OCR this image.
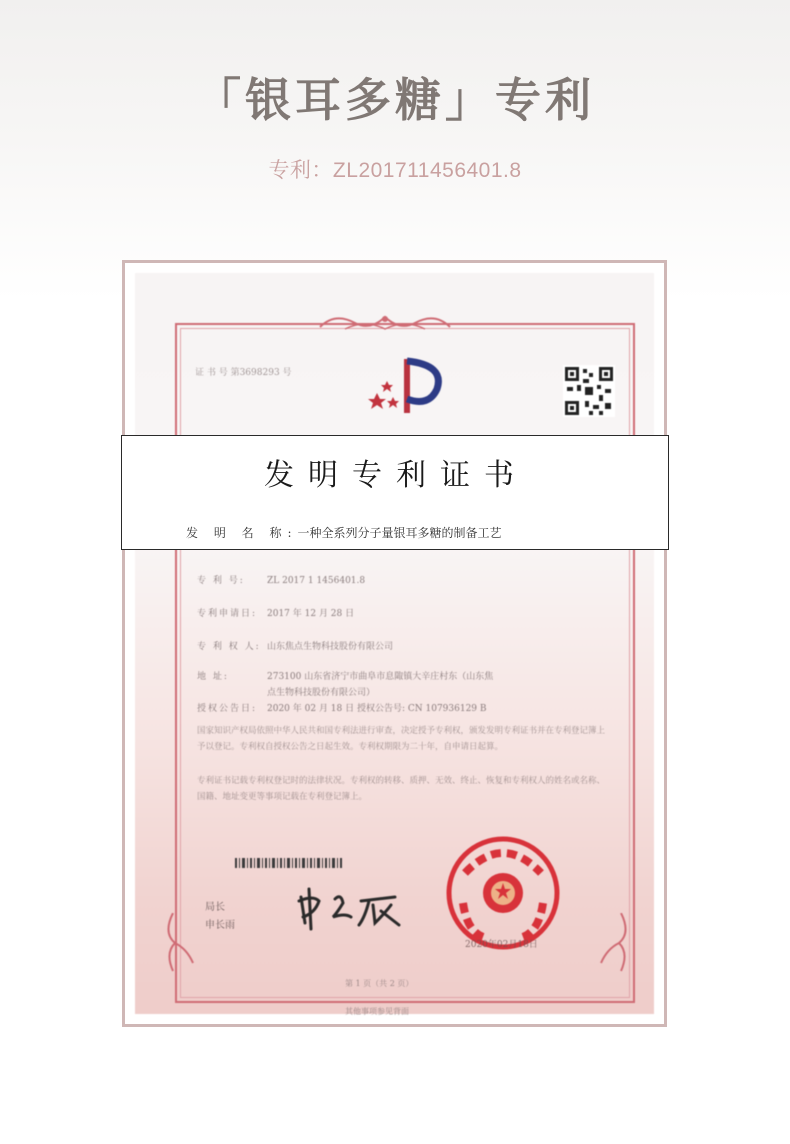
「银耳多糖」专利
专利：ZL201711456401.8
证 书 号 第3698293 号
专 利 号: ZL 2017 1 1456401.8
专利申请日: 2017 年 12 月 28 日
专 利 权 人: 山东焦点生物科技股份有限公司
地 址:	273100 山东省济宁市曲阜市息陬镇大辛庄村东（山东焦
点生物科技股份有限公司）
授权公告日: 2020 年 02 月 18 日 授权公告号: CN 107936129 B
国家知识产权局依照中华人民共和国专利法进行审查，决定授予专利权，颁发发明专利证书并在专利登记簿上予以登记。专利权自授权公告之日起生效。专利权期限为二十年，自申请日起算。
专利证书记载专利权登记时的法律状况。专利权的转移、质押、无效、终止、恢复和专利权人的姓名或名称、国籍、地址变更等事项记载在专利登记簿上。
局长
申长雨
2020年02月18日
第 1 页（共 2 页）
其他事项参见背面
发明专利证书
发 明 名 称:一种全系列分子量银耳多糖的制备工艺
